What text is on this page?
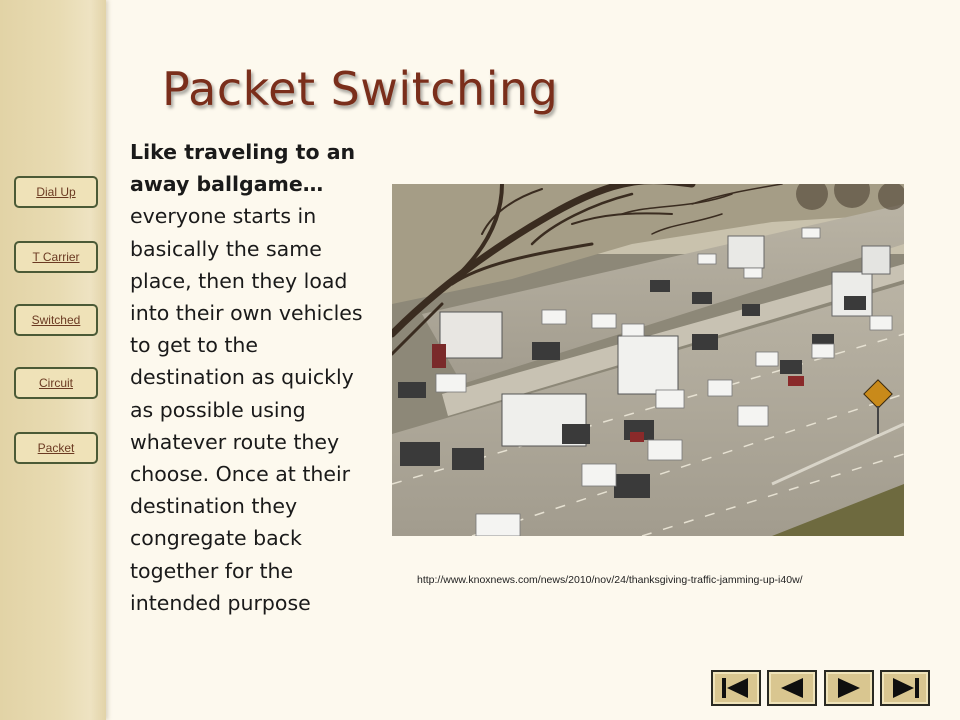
Dial Up
T Carrier
Switched
Circuit
Packet
Packet Switching
Like traveling to an away ballgame… everyone starts in basically the same place, then they load into their own vehicles to get to the destination as quickly as possible using whatever route they choose. Once at their destination they congregate back together for the intended purpose
http://www.knoxnews.com/news/2010/nov/24/thanksgiving-traffic-jamming-up-i40w/
